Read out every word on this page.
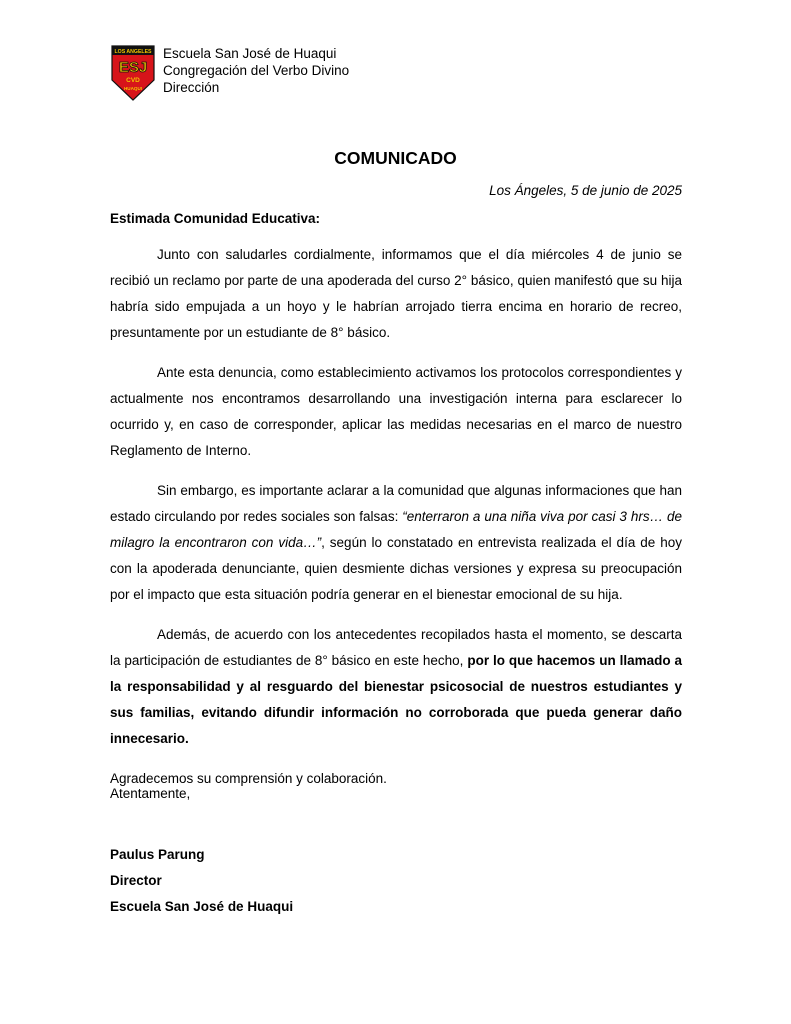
LOS ANGELES
ESJ
CVD
HUAQUI
Escuela San José de Huaqui
Congregación del Verbo Divino
Dirección
COMUNICADO
Los Ángeles, 5 de junio de 2025
Estimada Comunidad Educativa:

Junto con saludarles cordialmente, informamos que el día miércoles 4 de junio se recibió un reclamo por parte de una apoderada del curso 2° básico, quien manifestó que su hija habría sido empujada a un hoyo y le habrían arrojado tierra encima en horario de recreo, presuntamente por un estudiante de 8° básico.

Ante esta denuncia, como establecimiento activamos los protocolos correspondientes y actualmente nos encontramos desarrollando una investigación interna para esclarecer lo ocurrido y, en caso de corresponder, aplicar las medidas necesarias en el marco de nuestro Reglamento de Interno.

Sin embargo, es importante aclarar a la comunidad que algunas informaciones que han estado circulando por redes sociales son falsas: “enterraron a una niña viva por casi 3 hrs… de milagro la encontraron con vida…”, según lo constatado en entrevista realizada el día de hoy con la apoderada denunciante, quien desmiente dichas versiones y expresa su preocupación por el impacto que esta situación podría generar en el bienestar emocional de su hija.

Además, de acuerdo con los antecedentes recopilados hasta el momento, se descarta la participación de estudiantes de 8° básico en este hecho, por lo que hacemos un llamado a la responsabilidad y al resguardo del bienestar psicosocial de nuestros estudiantes y sus familias, evitando difundir información no corroborada que pueda generar daño innecesario.

Agradecemos su comprensión y colaboración.

Atentamente,
Paulus Parung
Director
Escuela San José de Huaqui
